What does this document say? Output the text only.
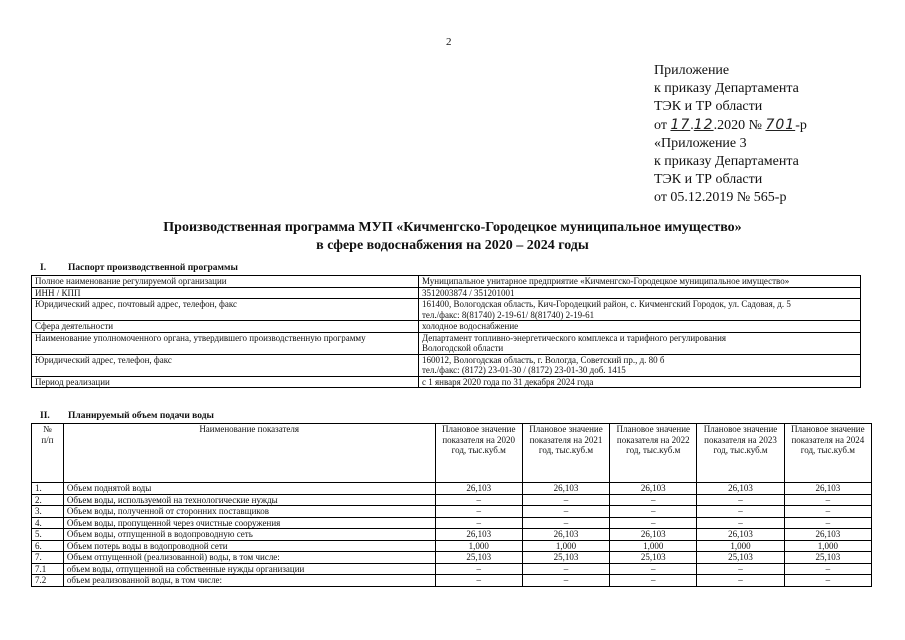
2
Приложение
к приказу Департамента
ТЭК и ТР области
от 17.12.2020 № 701-р
«Приложение 3
к приказу Департамента
ТЭК и ТР области
от 05.12.2019 № 565-р
Производственная программа МУП «Кичменгско-Городецкое муниципальное имущество»
в сфере водоснабжения на 2020 – 2024 годы
I. Паспорт производственной программы
Полное наименование регулируемой организации	Муниципальное унитарное предприятие «Кичменгско-Городецкое муниципальное имущество»
ИНН / КПП	3512003874 / 351201001
Юридический адрес, почтовый адрес, телефон, факс	161400, Вологодская область, Кич-Городецкий район, с. Кичменгский Городок, ул. Садовая, д. 5
тел./факс: 8(81740) 2-19-61/ 8(81740) 2-19-61

Сфера деятельности	холодное водоснабжение
Наименование уполномоченного органа, утвердившего производственную программу	Департамент топливно-энергетического комплекса и тарифного регулирования
Вологодской области

Юридический адрес, телефон, факс	160012, Вологодская область, г. Вологда, Советский пр., д. 80 б
тел./факс: (8172) 23-01-30 / (8172) 23-01-30 доб. 1415

Период реализации	с 1 января 2020 года по 31 декабря 2024 года
II. Планируемый объем подачи воды
№
п/п	Наименование показателя	Плановое значение показателя на 2020 год, тыс.куб.м	Плановое значение показателя на 2021 год, тыс.куб.м	Плановое значение показателя на 2022 год, тыс.куб.м	Плановое значение показателя на 2023 год, тыс.куб.м	Плановое значение показателя на 2024 год, тыс.куб.м
1.	Объем поднятой воды	26,103	26,103	26,103	26,103	26,103
2.	Объем воды, используемой на технологические нужды	–	–	–	–	–
3.	Объем воды, полученной от сторонних поставщиков	–	–	–	–	–
4.	Объем воды, пропущенной через очистные сооружения	–	–	–	–	–
5.	Объем воды, отпущенной в водопроводную сеть	26,103	26,103	26,103	26,103	26,103
6.	Объем потерь воды в водопроводной сети	1,000	1,000	1,000	1,000	1,000
7.	Объем отпущенной (реализованной) воды, в том числе:	25,103	25,103	25,103	25,103	25,103
7.1	объем воды, отпущенной на собственные нужды организации	–	–	–	–	–
7.2	объем реализованной воды, в том числе:	–	–	–	–	–
